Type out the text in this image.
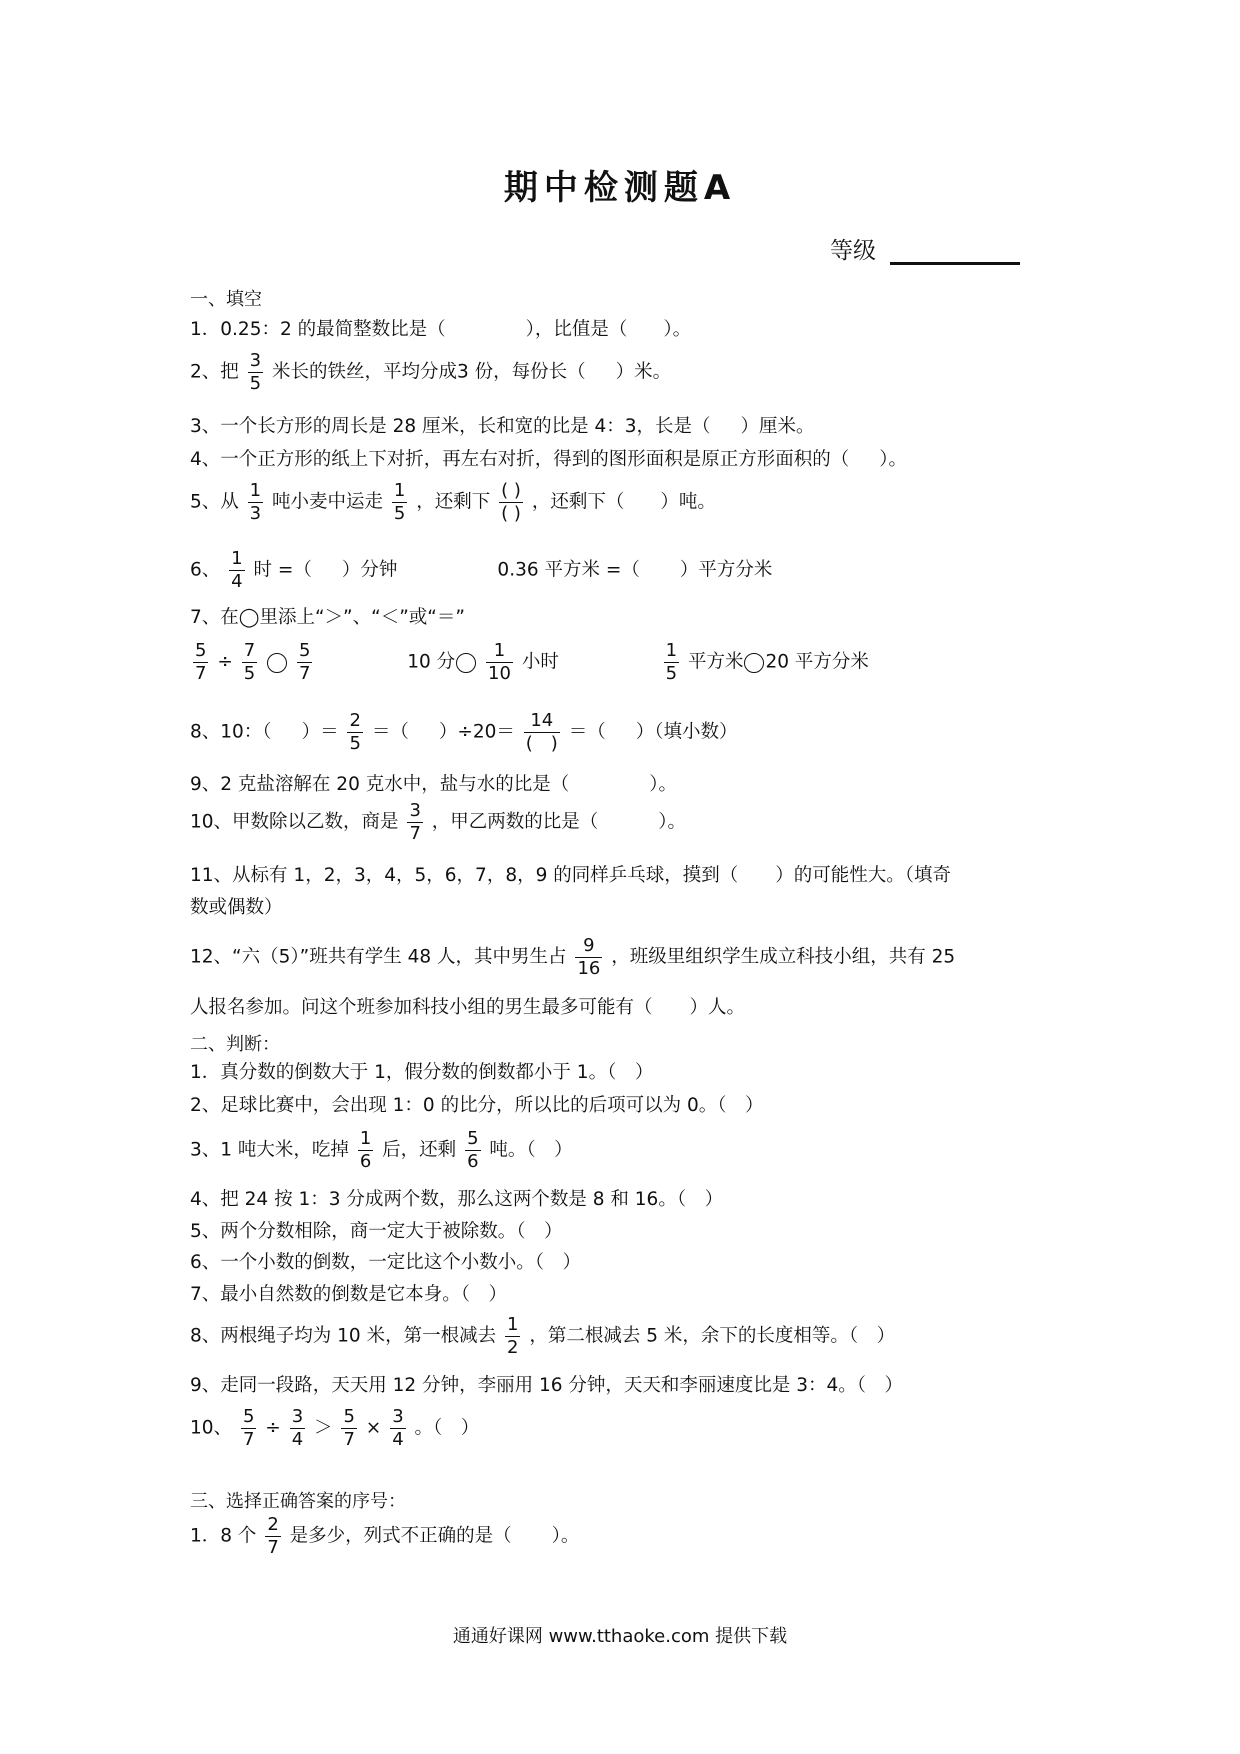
期中检测题A
等级
一、填空
1．0.25：2 的最简整数比是（	），比值是（ ）。
2、把 $\frac{3}{5}$ 米长的铁丝，平均分成3 份，每份长（ ）米。
3、一个长方形的周长是 28 厘米，长和宽的比是 4：3，长是（ ）厘米。
4、一个正方形的纸上下对折，再左右对折，得到的图形面积是原正方形面积的（ ）。
5、从 $\frac{1}{3}$ 吨小麦中运走 $\frac{1}{5}$ ，还剩下 $\frac{( )}{( )}$ ，还剩下（ ）吨。
6、 $\frac{1}{4}$ 时 =（ ）分钟	0.36 平方米 =（ ）平方分米
7、在◯里添上“＞”、“＜”或“＝”
$\frac{5}{7} \div \frac{7}{5}$
$\frac{5}{7}$	10 分 $\frac{1}{10}$ 小时	$\frac{1}{5}$ 平方米 20 平方分米
8、10：（ ）＝ $\frac{2}{5}$ ＝（ ）$\div 20= \frac{14}{( )}$ ＝（ ）（填小数）
9、2 克盐溶解在 20 克水中，盐与水的比是（	）。
10、甲数除以乙数，商是 $\frac{3}{7}$ ，甲乙两数的比是（	）。
11、从标有 1，2，3，4，5，6，7，8，9 的同样乒乓球，摸到（　　）的可能性大。（填奇
数或偶数）
12、“六（5）”班共有学生 48 人，其中男生占 $\frac{9}{16}$ ，班级里组织学生成立科技小组，共有 25
人报名参加。问这个班参加科技小组的男生最多可能有（　　）人。
二、判断：
1．真分数的倒数大于 1，假分数的倒数都小于 1。（　）
2、足球比赛中，会出现 1：0 的比分，所以比的后项可以为 0。（　）
3、1 吨大米，吃掉 $\frac{1}{6}$ 后，还剩 $\frac{5}{6}$ 吨。（　）
4、把 24 按 1：3 分成两个数，那么这两个数是 8 和 16。（　）
5、两个分数相除，商一定大于被除数。（　）
6、一个小数的倒数，一定比这个小数小。（　）
7、最小自然数的倒数是它本身。（　）
8、两根绳子均为 10 米，第一根减去 $\frac{1}{2}$ ，第二根减去 5 米，余下的长度相等。（　）
9、走同一段路，天天用 12 分钟，李丽用 16 分钟，天天和李丽速度比是 3：4。（　）
10、 $\frac{5}{7} \div \frac{3}{4} > \frac{5}{7} \times \frac{3}{4}$ 。（　）
三、选择正确答案的序号：
1．8 个 $\frac{2}{7}$ 是多少，列式不正确的是（ ）。
通通好课网 www.tthaoke.com 提供下载
